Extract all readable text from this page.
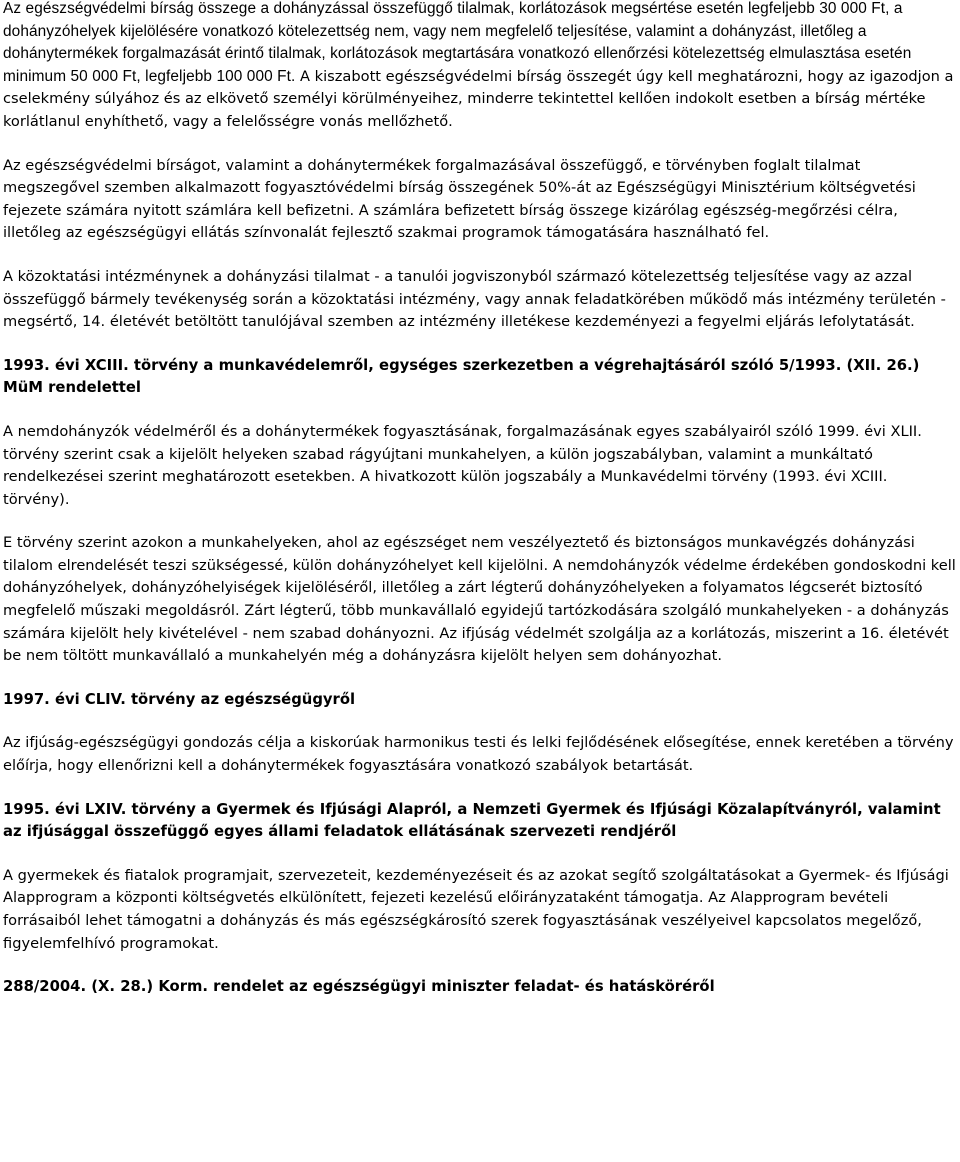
Az egészségvédelmi bírság összege a dohányzással összefüggő tilalmak, korlátozások megsértése esetén legfeljebb 30 000 Ft, a dohányzóhelyek kijelölésére vonatkozó kötelezettség nem, vagy nem megfelelő teljesítése, valamint a dohányzást, illetőleg a dohánytermékek forgalmazását érintő tilalmak, korlátozások megtartására vonatkozó ellenőrzési kötelezettség elmulasztása esetén minimum 50 000 Ft, legfeljebb 100 000 Ft. A kiszabott egészségvédelmi bírság összegét úgy kell meghatározni, hogy az igazodjon a cselekmény súlyához és az elkövető személyi körülményeihez, minderre tekintettel kellően indokolt esetben a bírság mértéke korlátlanul enyhíthető, vagy a felelősségre vonás mellőzhető.

Az egészségvédelmi bírságot, valamint a dohánytermékek forgalmazásával összefüggő, e törvényben foglalt tilalmat megszegővel szemben alkalmazott fogyasztóvédelmi bírság összegének 50%-át az Egészségügyi Minisztérium költségvetési fejezete számára nyitott számlára kell befizetni. A számlára befizetett bírság összege kizárólag egészség-megőrzési célra, illetőleg az egészségügyi ellátás színvonalát fejlesztő szakmai programok támogatására használható fel.

A közoktatási intézménynek a dohányzási tilalmat - a tanulói jogviszonyból származó kötelezettség teljesítése vagy az azzal összefüggő bármely tevékenység során a közoktatási intézmény, vagy annak feladatkörében működő más intézmény területén - megsértő, 14. életévét betöltött tanulójával szemben az intézmény illetékese kezdeményezi a fegyelmi eljárás lefolytatását.

1993. évi XCIII. törvény a munkavédelemről, egységes szerkezetben a végrehajtásáról szóló 5/1993. (XII. 26.) MüM rendelettel

A nemdohányzók védelméről és a dohánytermékek fogyasztásának, forgalmazásának egyes szabályairól szóló 1999. évi XLII. törvény szerint csak a kijelölt helyeken szabad rágyújtani munkahelyen, a külön jogszabályban, valamint a munkáltató rendelkezései szerint meghatározott esetekben. A hivatkozott külön jogszabály a Munkavédelmi törvény (1993. évi XCIII. törvény).

E törvény szerint azokon a munkahelyeken, ahol az egészséget nem veszélyeztető és biztonságos munkavégzés dohányzási tilalom elrendelését teszi szükségessé, külön dohányzóhelyet kell kijelölni. A nemdohányzók védelme érdekében gondoskodni kell dohányzóhelyek, dohányzóhelyiségek kijelöléséről, illetőleg a zárt légterű dohányzóhelyeken a folyamatos légcserét biztosító megfelelő műszaki megoldásról. Zárt légterű, több munkavállaló egyidejű tartózkodására szolgáló munkahelyeken - a dohányzás számára kijelölt hely kivételével - nem szabad dohányozni. Az ifjúság védelmét szolgálja az a korlátozás, miszerint a 16. életévét be nem töltött munkavállaló a munkahelyén még a dohányzásra kijelölt helyen sem dohányozhat.

1997. évi CLIV. törvény az egészségügyről

Az ifjúság-egészségügyi gondozás célja a kiskorúak harmonikus testi és lelki fejlődésének elősegítése, ennek keretében a törvény előírja, hogy ellenőrizni kell a dohánytermékek fogyasztására vonatkozó szabályok betartását.

1995. évi LXIV. törvény a Gyermek és Ifjúsági Alapról, a Nemzeti Gyermek és Ifjúsági Közalapítványról, valamint az ifjúsággal összefüggő egyes állami feladatok ellátásának szervezeti rendjéről

A gyermekek és fiatalok programjait, szervezeteit, kezdeményezéseit és az azokat segítő szolgáltatásokat a Gyermek- és Ifjúsági Alapprogram a központi költségvetés elkülönített, fejezeti kezelésű előirányzataként támogatja. Az Alapprogram bevételi forrásaiból lehet támogatni a dohányzás és más egészségkárosító szerek fogyasztásának veszélyeivel kapcsolatos megelőző, figyelemfelhívó programokat.

288/2004. (X. 28.) Korm. rendelet az egészségügyi miniszter feladat- és hatásköréről
